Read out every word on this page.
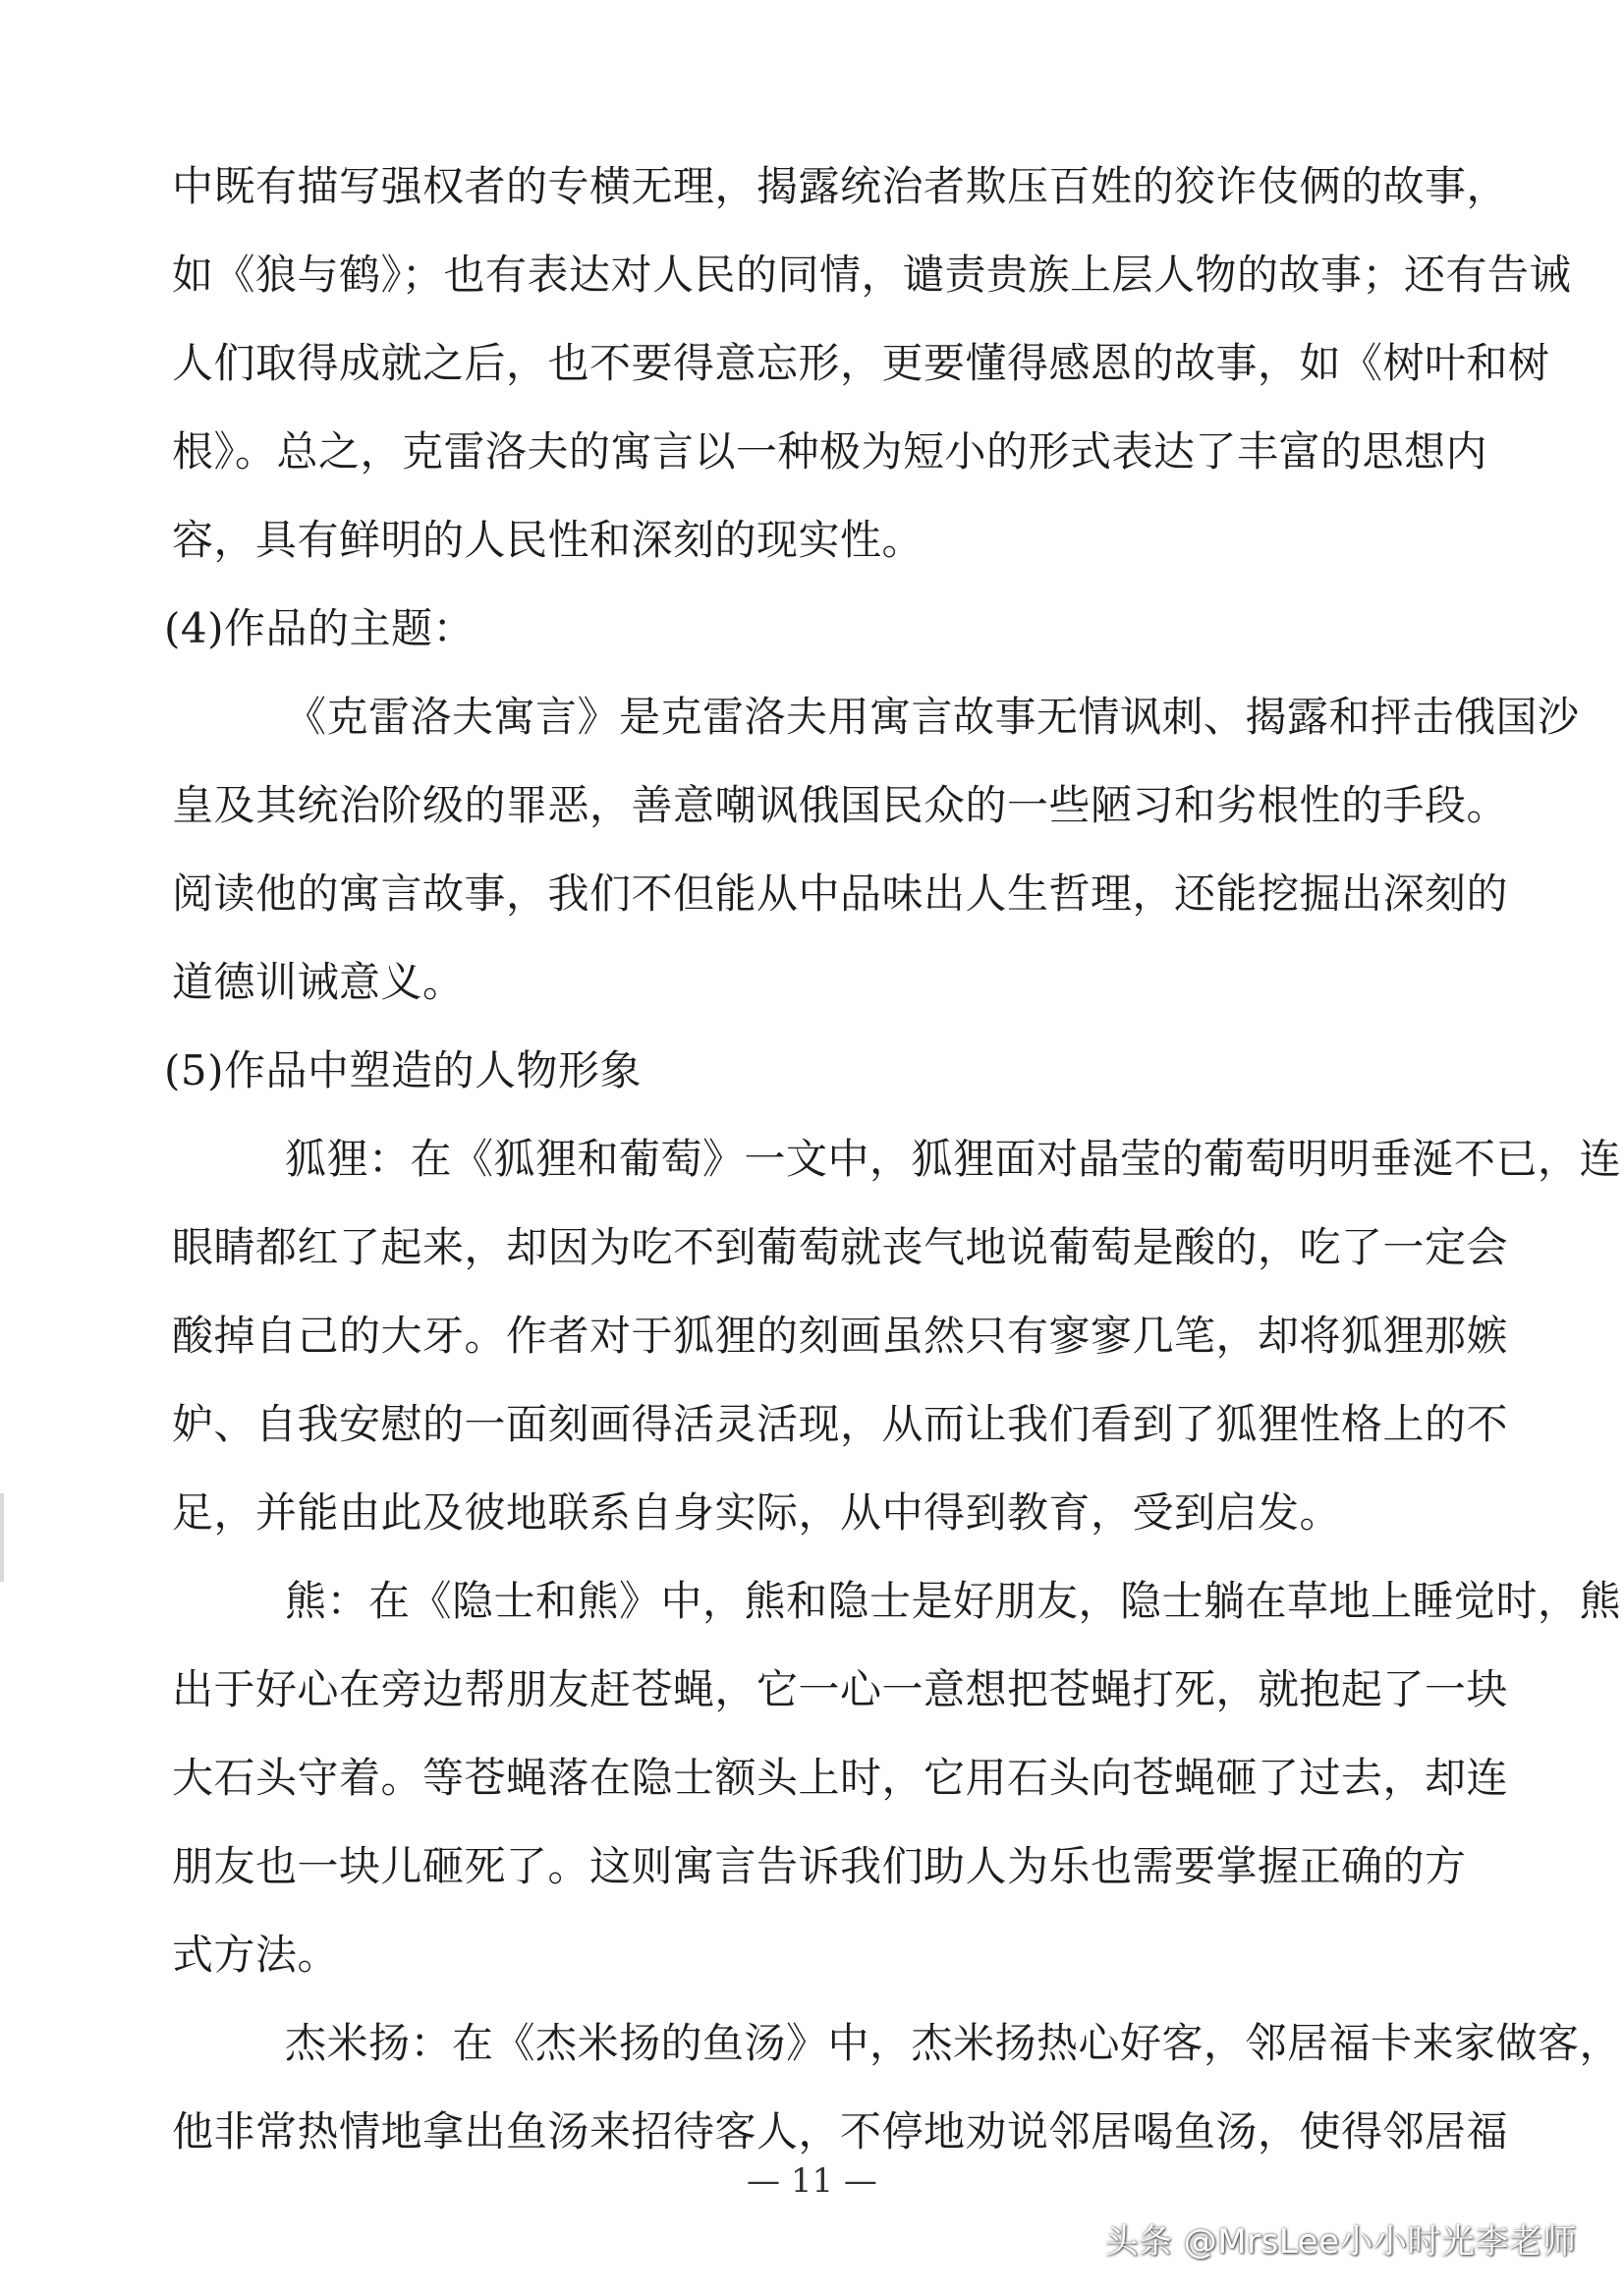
中既有描写强权者的专横无理，揭露统治者欺压百姓的狡诈伎俩的故事，
如《狼与鹤》；也有表达对人民的同情，谴责贵族上层人物的故事；还有告诫
人们取得成就之后，也不要得意忘形，更要懂得感恩的故事，如《树叶和树
根》。总之，克雷洛夫的寓言以一种极为短小的形式表达了丰富的思想内
容，具有鲜明的人民性和深刻的现实性。
(4)作品的主题：
《克雷洛夫寓言》是克雷洛夫用寓言故事无情讽刺、揭露和抨击俄国沙
皇及其统治阶级的罪恶，善意嘲讽俄国民众的一些陋习和劣根性的手段。
阅读他的寓言故事，我们不但能从中品味出人生哲理，还能挖掘出深刻的
道德训诫意义。
(5)作品中塑造的人物形象
狐狸：在《狐狸和葡萄》一文中，狐狸面对晶莹的葡萄明明垂涎不已，连
眼睛都红了起来，却因为吃不到葡萄就丧气地说葡萄是酸的，吃了一定会
酸掉自己的大牙。作者对于狐狸的刻画虽然只有寥寥几笔，却将狐狸那嫉
妒、自我安慰的一面刻画得活灵活现，从而让我们看到了狐狸性格上的不
足，并能由此及彼地联系自身实际，从中得到教育，受到启发。
熊：在《隐士和熊》中，熊和隐士是好朋友，隐士躺在草地上睡觉时，熊
出于好心在旁边帮朋友赶苍蝇，它一心一意想把苍蝇打死，就抱起了一块
大石头守着。等苍蝇落在隐士额头上时，它用石头向苍蝇砸了过去，却连
朋友也一块儿砸死了。这则寓言告诉我们助人为乐也需要掌握正确的方
式方法。
杰米扬：在《杰米扬的鱼汤》中，杰米扬热心好客，邻居福卡来家做客，
他非常热情地拿出鱼汤来招待客人，不停地劝说邻居喝鱼汤，使得邻居福
— 11 —
头条 @MrsLee小小时光李老师
